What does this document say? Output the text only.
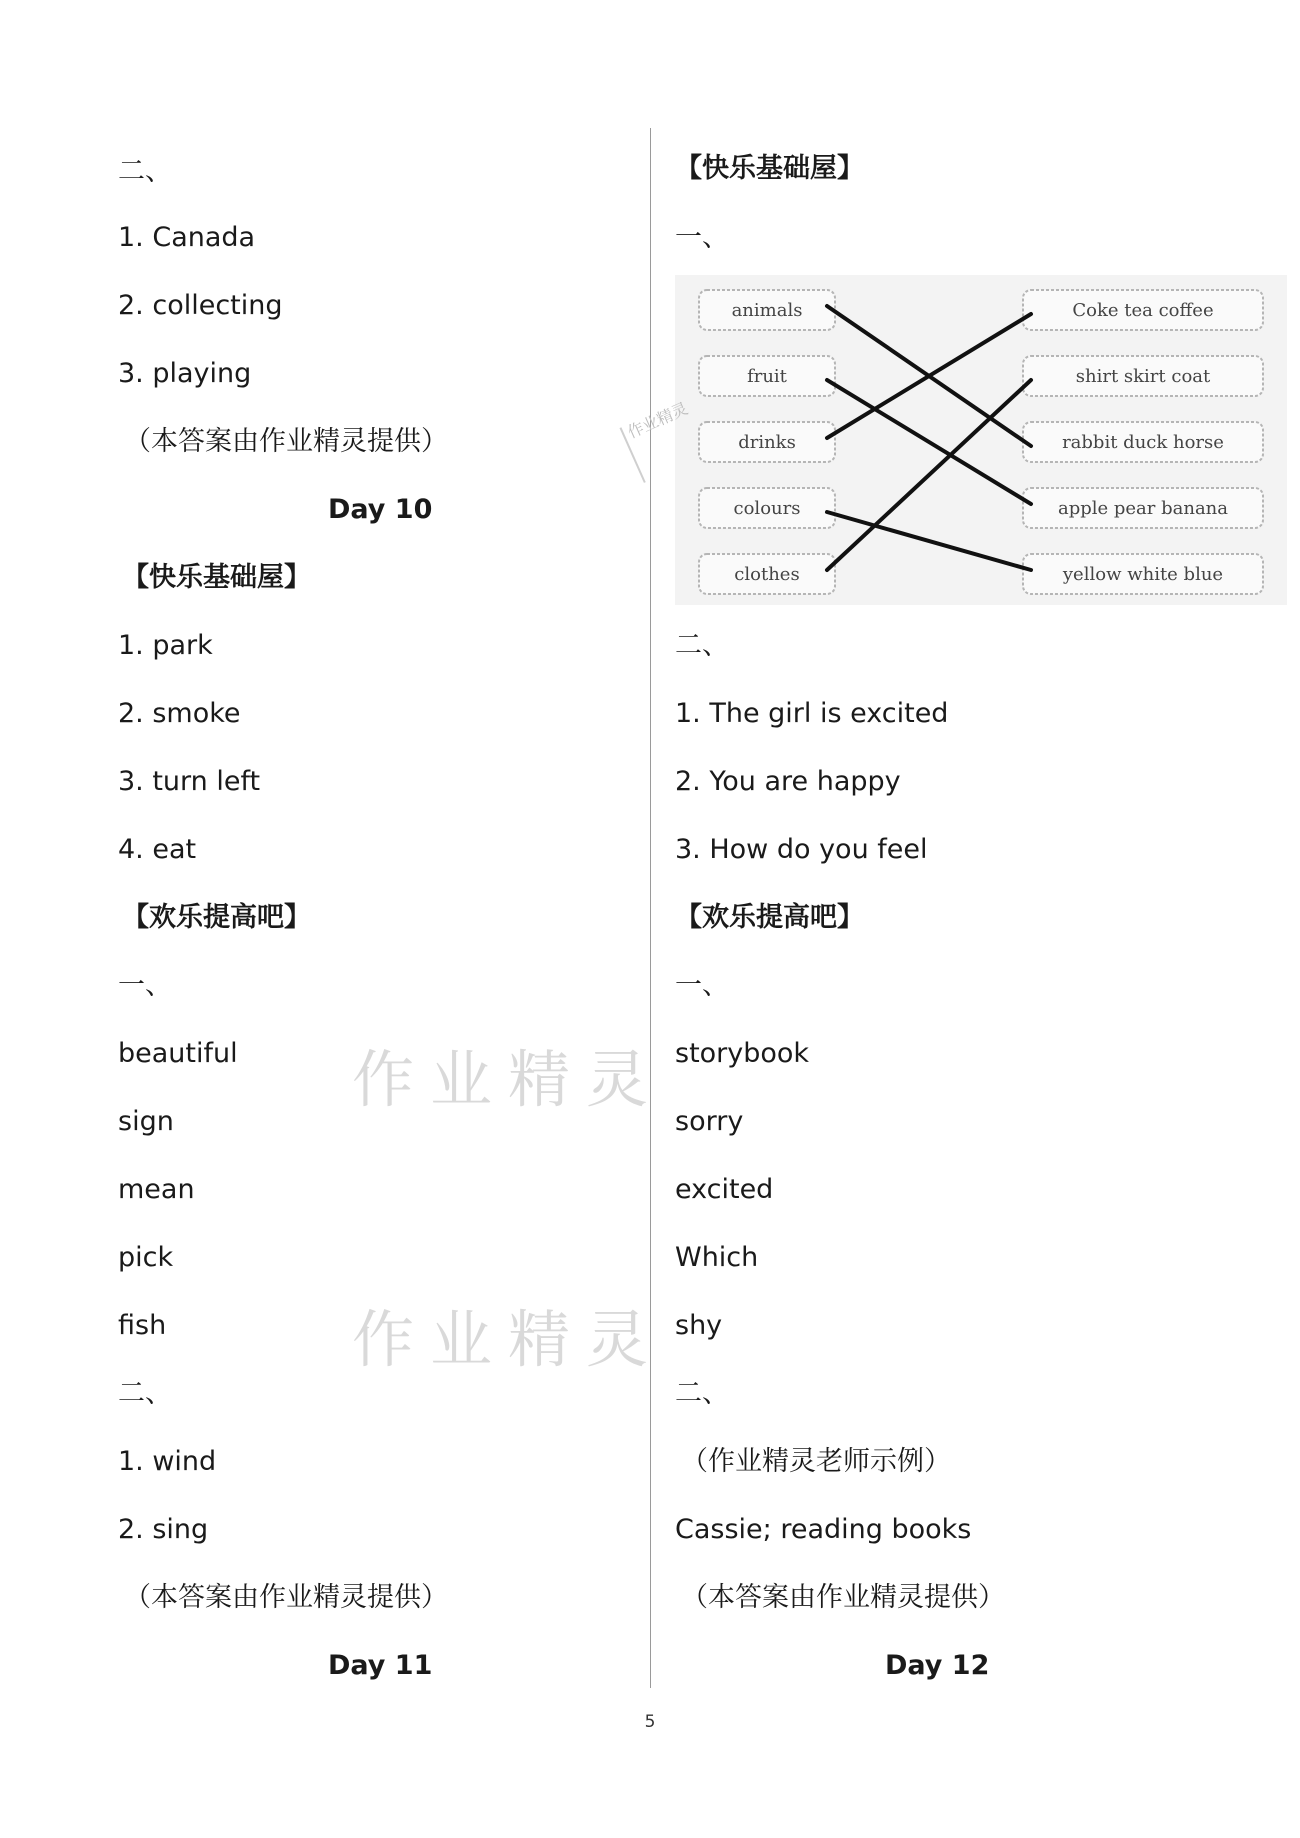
二、
1. Canada
2. collecting
3. playing
（本答案由作业精灵提供）
Day 10
【快乐基础屋】
1. park
2. smoke
3. turn left
4. eat
【欢乐提高吧】
一、
beautiful
sign
mean
pick
fish
二、
1. wind
2. sing
（本答案由作业精灵提供）
Day 11
【快乐基础屋】
一、
二、
1. The girl is excited
2. You are happy
3. How do you feel
【欢乐提高吧】
一、
storybook
sorry
excited
Which
shy
二、
（作业精灵老师示例）
Cassie; reading books
（本答案由作业精灵提供）
Day 12
animals
fruit
drinks
colours
clothes
Coke tea coffee
shirt skirt coat
rabbit duck horse
apple pear banana
yellow white blue
作业精灵
作业精灵
作业精灵
5
